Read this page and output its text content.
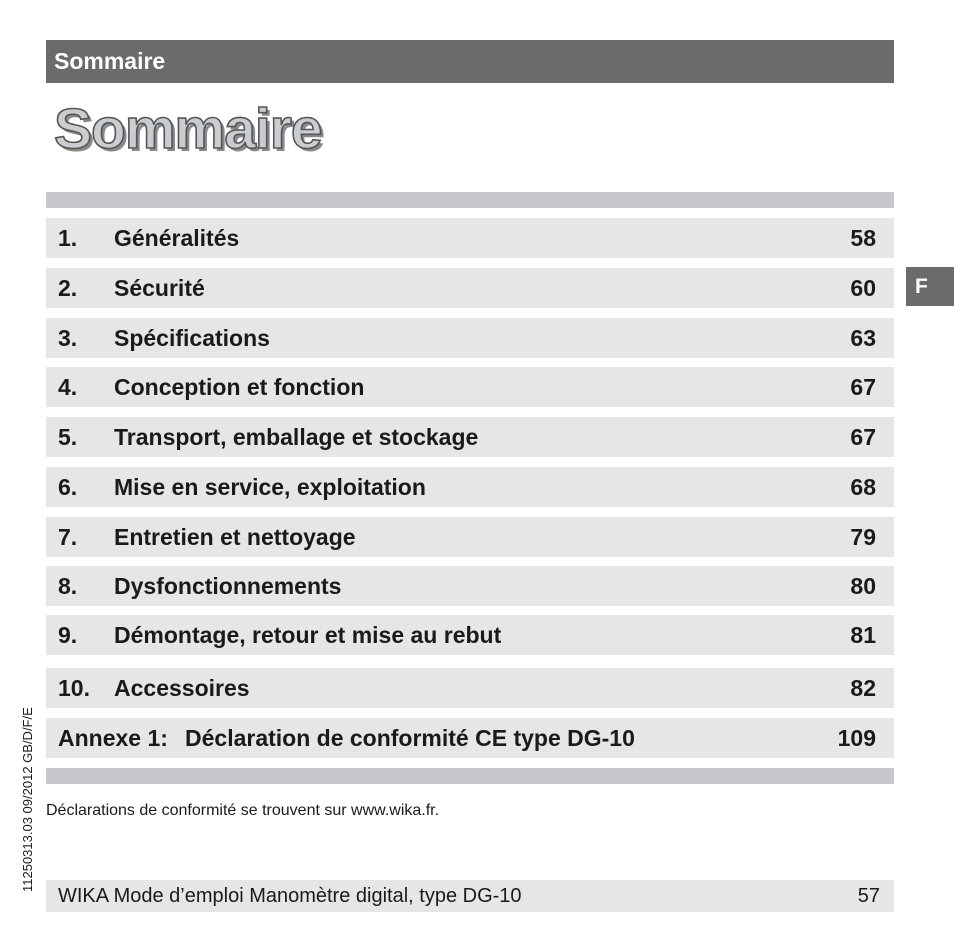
Sommaire
Sommaire
1. Généralités	58
2. Sécurité	60
3. Spécifications	63
4. Conception et fonction	67
5. Transport, emballage et stockage	67
6. Mise en service, exploitation	68
7. Entretien et nettoyage	79
8. Dysfonctionnements	80
9. Démontage, retour et mise au rebut	81
10. Accessoires	82
Annexe 1: Déclaration de conformité CE type DG-10	109
F
Déclarations de conformité se trouvent sur www.wika.fr.
11250313.03 09/2012 GB/D/F/E
WIKA Mode d’emploi Manomètre digital, type DG-10	57
